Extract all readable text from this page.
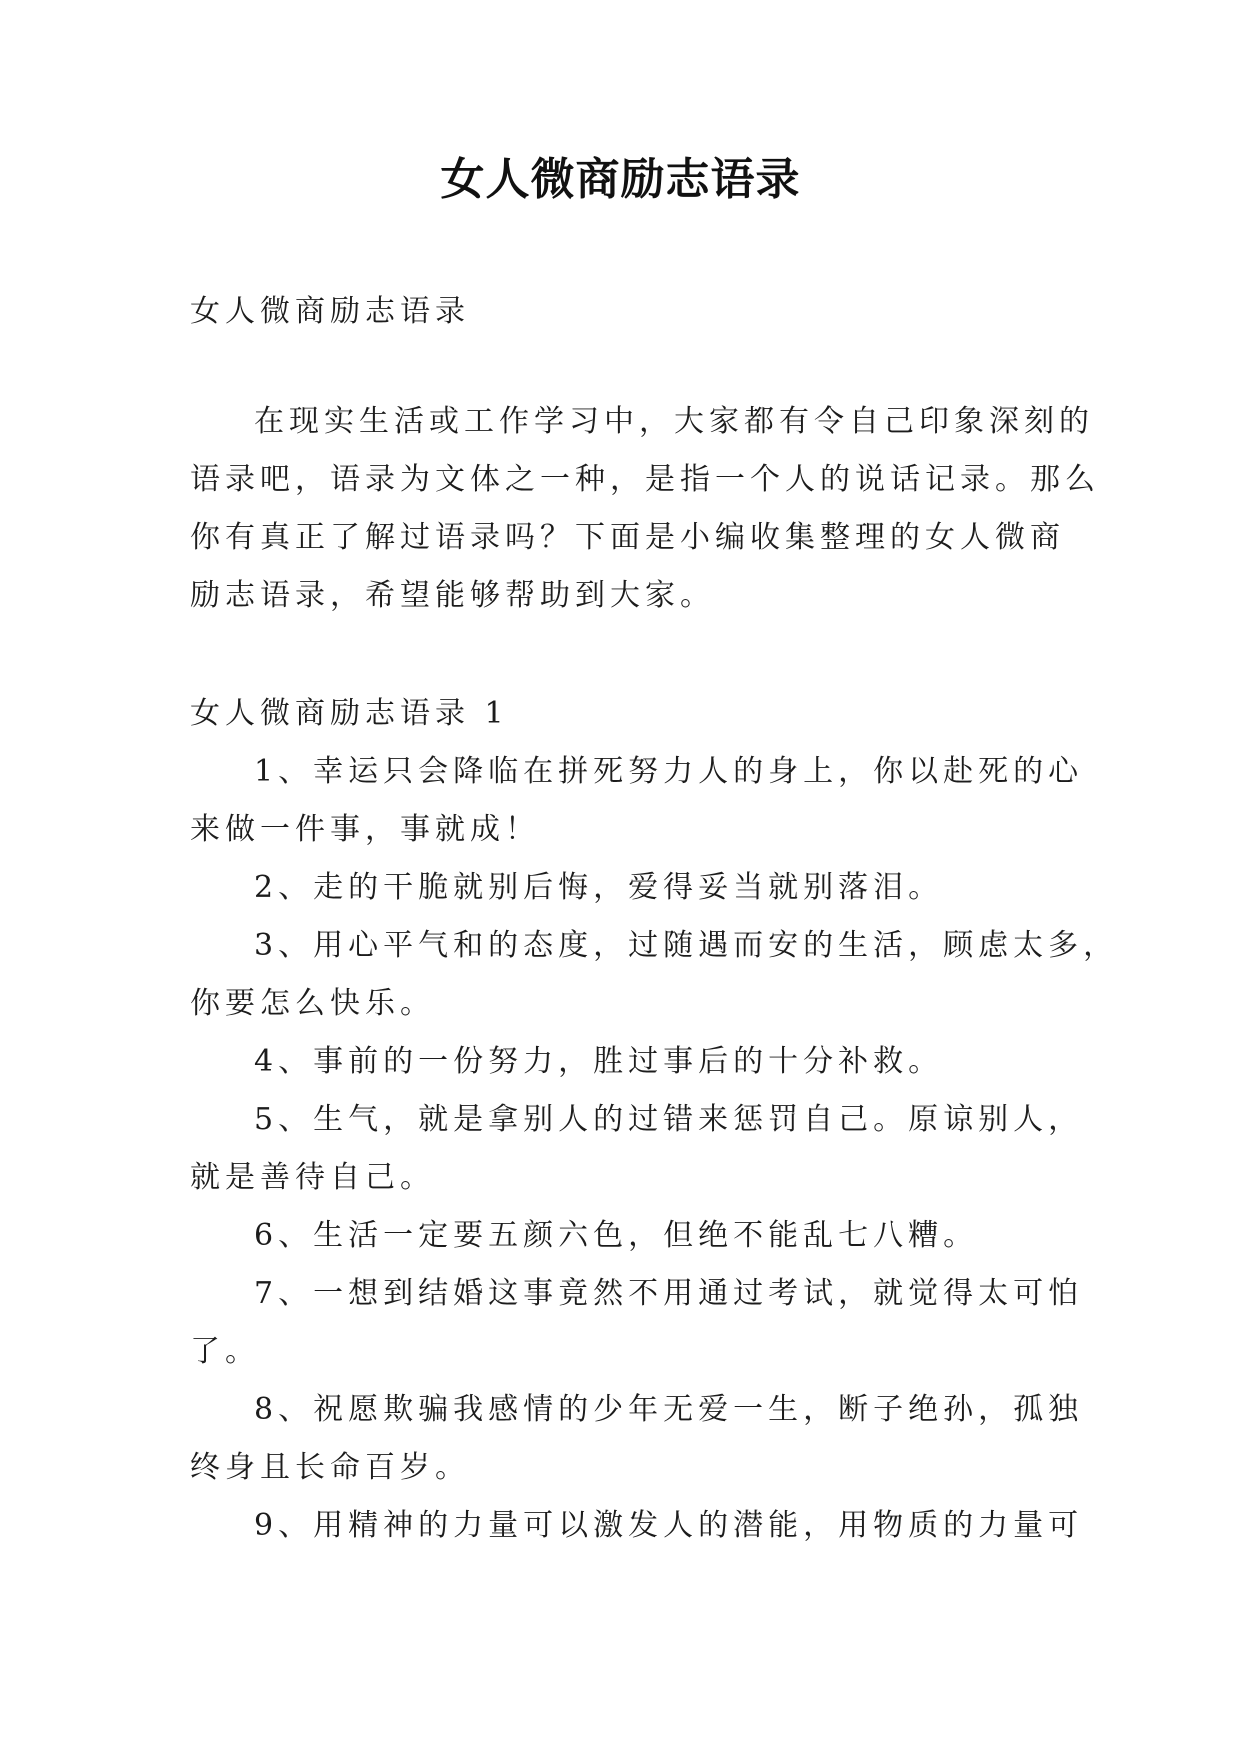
女人微商励志语录
女人微商励志语录
在现实生活或工作学习中，大家都有令自己印象深刻的
语录吧，语录为文体之一种，是指一个人的说话记录。那么
你有真正了解过语录吗？下面是小编收集整理的女人微商
励志语录，希望能够帮助到大家。
女人微商励志语录 1
1、幸运只会降临在拼死努力人的身上，你以赴死的心
来做一件事，事就成！
2、走的干脆就别后悔，爱得妥当就别落泪。
3、用心平气和的态度，过随遇而安的生活，顾虑太多，
你要怎么快乐。
4、事前的一份努力，胜过事后的十分补救。
5、生气，就是拿别人的过错来惩罚自己。原谅别人，
就是善待自己。
6、生活一定要五颜六色，但绝不能乱七八糟。
7、一想到结婚这事竟然不用通过考试，就觉得太可怕
了。
8、祝愿欺骗我感情的少年无爱一生，断子绝孙，孤独
终身且长命百岁。
9、用精神的力量可以激发人的潜能，用物质的力量可
